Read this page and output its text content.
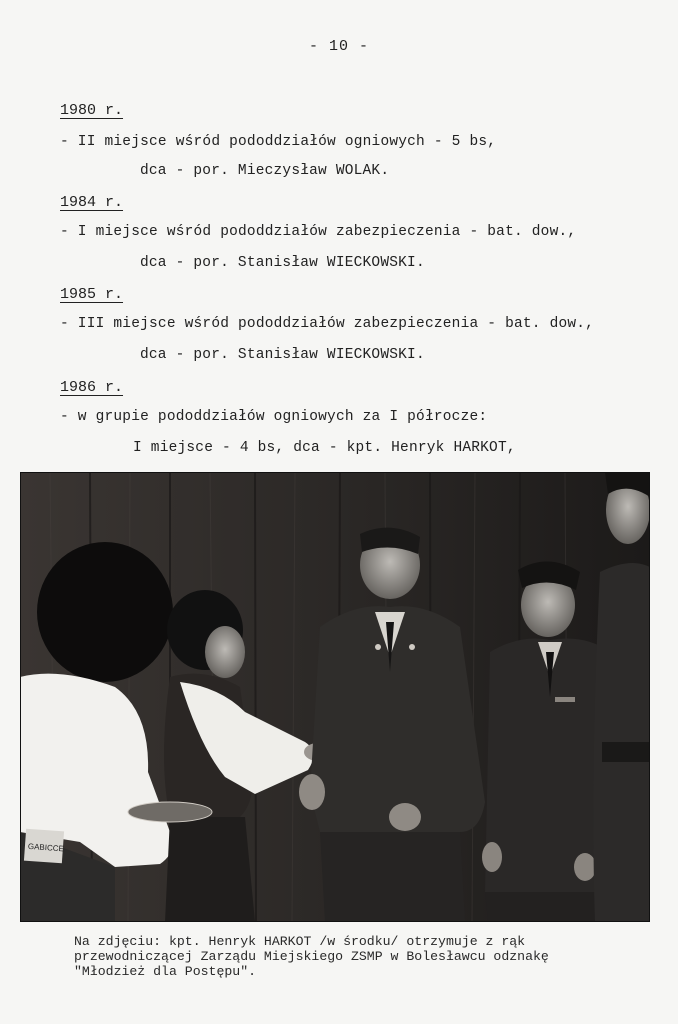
- 10 -
1980 r.
- II miejsce wśród pododdziałów ogniowych - 5 bs,
dca - por. Mieczysław WOLAK.
1984 r.
- I miejsce wśród pododdziałów zabezpieczenia - bat. dow.,
dca - por. Stanisław WIECKOWSKI.
1985 r.
- III miejsce wśród pododdziałów zabezpieczenia - bat. dow.,
dca - por. Stanisław WIECKOWSKI.
1986 r.
- w grupie pododdziałów ogniowych za I półrocze:
I miejsce - 4 bs, dca - kpt. Henryk HARKOT,
GABICCE
Na zdjęciu: kpt. Henryk HARKOT /w środku/ otrzymuje z rąk
przewodniczącej Zarządu Miejskiego ZSMP w Bolesławcu odznakę
"Młodzież dla Postępu".
